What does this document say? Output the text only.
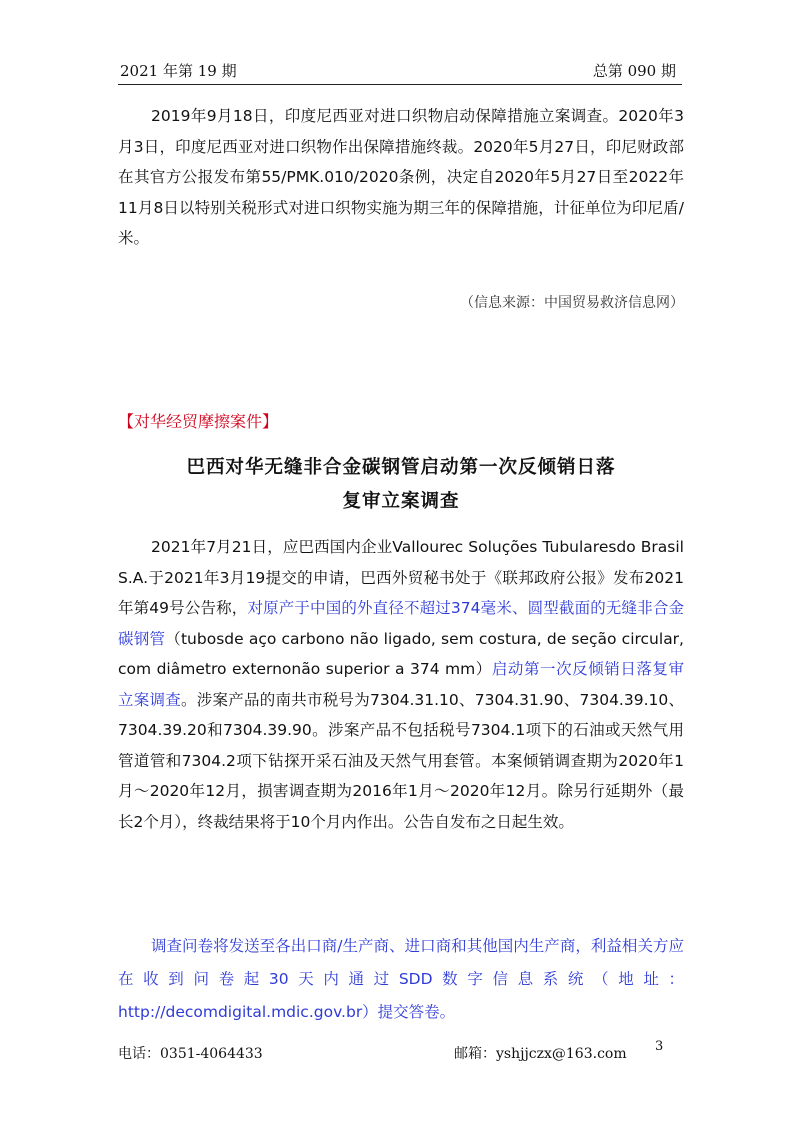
2021 年第 19 期	总第 090 期
2019年9月18日，印度尼西亚对进口织物启动保障措施立案调查。2020年3月3日，印度尼西亚对进口织物作出保障措施终裁。2020年5月27日，印尼财政部在其官方公报发布第55/PMK.010/2020条例，决定自2020年5月27日至2022年11月8日以特别关税形式对进口织物实施为期三年的保障措施，计征单位为印尼盾/米。
（信息来源：中国贸易救济信息网）
【对华经贸摩擦案件】
巴西对华无缝非合金碳钢管启动第一次反倾销日落
复审立案调查
2021年7月21日，应巴西国内企业Vallourec Soluções Tubularesdo Brasil S.A.于2021年3月19提交的申请，巴西外贸秘书处于《联邦政府公报》发布2021年第49号公告称，对原产于中国的外直径不超过374毫米、圆型截面的无缝非合金碳钢管（tubosde aço carbono não ligado, sem costura, de seção circular, com diâmetro externonão superior a 374 mm）启动第一次反倾销日落复审立案调查。涉案产品的南共市税号为7304.31.10、7304.31.90、7304.39.10、7304.39.20和7304.39.90。涉案产品不包括税号7304.1项下的石油或天然气用管道管和7304.2项下钻探开采石油及天然气用套管。本案倾销调查期为2020年1月～2020年12月，损害调查期为2016年1月～2020年12月。除另行延期外（最长2个月），终裁结果将于10个月内作出。公告自发布之日起生效。
调查问卷将发送至各出口商/生产商、进口商和其他国内生产商，利益相关方应在收到问卷起30天内通过SDD数字信息系统（地址：http://decomdigital.mdic.gov.br）提交答卷。
电话：0351-4064433	邮箱：yshjjczx@163.com 3
